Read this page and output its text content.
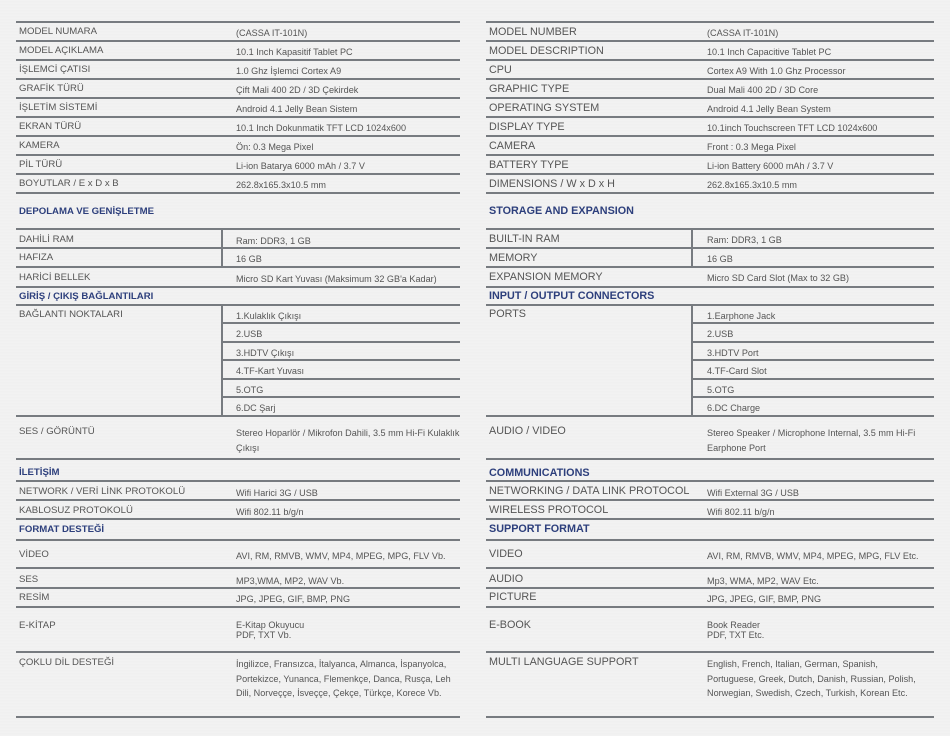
MODEL NUMARA	(CASSA IT-101N)
MODEL AÇIKLAMA	10.1 Inch Kapasitif Tablet PC
İŞLEMCİ ÇATISI	1.0 Ghz İşlemci Cortex A9
GRAFİK TÜRÜ	Çift Mali 400 2D / 3D Çekirdek
İŞLETİM SİSTEMİ	Android 4.1 Jelly Bean Sistem
EKRAN TÜRÜ	10.1 Inch Dokunmatik TFT LCD 1024x600
KAMERA	Ön: 0.3 Mega Pixel
PİL TÜRÜ	Li-ion Batarya 6000 mAh / 3.7 V
BOYUTLAR / E x D x B	262.8x165.3x10.5 mm
DEPOLAMA VE GENİŞLETME
DAHİLİ RAM	Ram: DDR3, 1 GB
HAFIZA	16 GB
HARİCİ BELLEK	Micro SD Kart Yuvası (Maksimum 32 GB'a Kadar)
GİRİŞ / ÇIKIŞ BAĞLANTILARI
BAĞLANTI NOKTALARI	1.Kulaklık Çıkışı
2.USB
3.HDTV Çıkışı
4.TF-Kart Yuvası
5.OTG
6.DC Şarj
SES / GÖRÜNTÜ	Stereo Hoparlör / Mikrofon Dahili, 3.5 mm Hi-Fi Kulaklık Çıkışı
İLETİŞİM
NETWORK / VERİ LİNK PROTOKOLÜ	Wifi Harici 3G / USB
KABLOSUZ PROTOKOLÜ	Wifi 802.11 b/g/n
FORMAT DESTEĞİ
VİDEO	AVI, RM, RMVB, WMV, MP4, MPEG, MPG, FLV Vb.
SES	MP3,WMA, MP2, WAV Vb.
RESİM	JPG, JPEG, GIF, BMP, PNG
E-KİTAP	E-Kitap Okuyucu
PDF, TXT Vb.
ÇOKLU DİL DESTEĞİ	İngilizce, Fransızca, İtalyanca, Almanca, İspanyolca, Portekizce, Yunanca, Flemenkçe, Danca, Rusça, Leh Dili, Norveççe, İsveççe, Çekçe, Türkçe, Korece Vb.
MODEL NUMBER	(CASSA IT-101N)
MODEL DESCRIPTION	10.1 Inch Capacitive Tablet PC
CPU	Cortex A9 With 1.0 Ghz Processor
GRAPHIC TYPE	Dual Mali 400 2D / 3D Core
OPERATING SYSTEM	Android 4.1 Jelly Bean System
DISPLAY TYPE	10.1inch Touchscreen TFT LCD 1024x600
CAMERA	Front : 0.3 Mega Pixel
BATTERY TYPE	Li-ion Battery 6000 mAh / 3.7 V
DIMENSIONS / W x D x H	262.8x165.3x10.5 mm
STORAGE AND EXPANSION
BUILT-IN RAM	Ram: DDR3, 1 GB
MEMORY	16 GB
EXPANSION MEMORY	Micro SD Card Slot (Max to 32 GB)
INPUT / OUTPUT CONNECTORS
PORTS	1.Earphone Jack
2.USB
3.HDTV Port
4.TF-Card Slot
5.OTG
6.DC Charge
AUDIO / VIDEO	Stereo Speaker / Microphone Internal, 3.5 mm Hi-Fi Earphone Port
COMMUNICATIONS
NETWORKING / DATA LINK PROTOCOL Wifi External 3G / USB
WIRELESS PROTOCOL	Wifi 802.11 b/g/n
SUPPORT FORMAT
VIDEO	AVI, RM, RMVB, WMV, MP4, MPEG, MPG, FLV Etc.
AUDIO	Mp3, WMA, MP2, WAV Etc.
PICTURE	JPG, JPEG, GIF, BMP, PNG
E-BOOK	Book Reader
PDF, TXT Etc.
MULTI LANGUAGE SUPPORT	English, French, Italian, German, Spanish, Portuguese, Greek, Dutch, Danish, Russian, Polish, Norwegian, Swedish, Czech, Turkish, Korean Etc.
